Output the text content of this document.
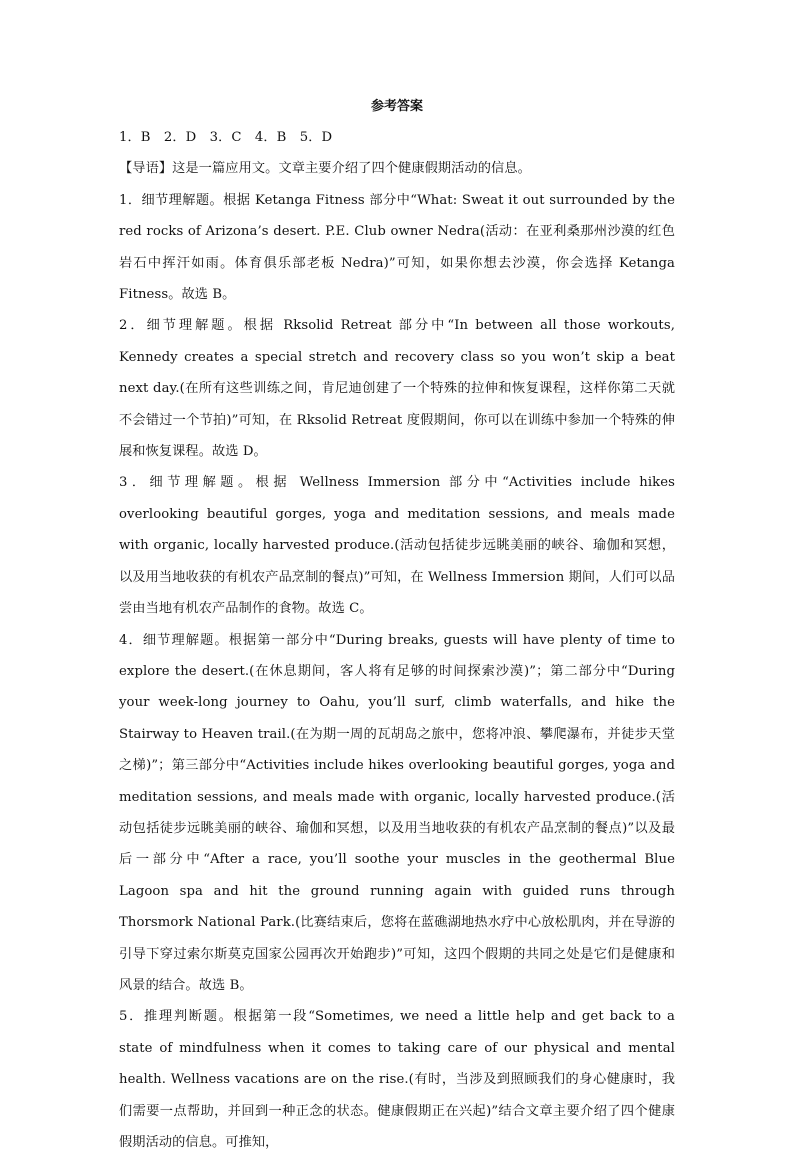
参考答案

1．B　2．D　3．C　4．B　5．D

【导语】这是一篇应用文。文章主要介绍了四个健康假期活动的信息。

1．细节理解题。根据 Ketanga Fitness 部分中“What: Sweat it out surrounded by the red rocks of Arizona’s desert. P.E. Club owner Nedra(活动：在亚利桑那州沙漠的红色岩石中挥汗如雨。体育俱乐部老板 Nedra)”可知，如果你想去沙漠，你会选择 Ketanga Fitness。故选 B。

2．细节理解题。根据 Rksolid Retreat 部分中“In between all those workouts, Kennedy creates a special stretch and recovery class so you won’t skip a beat next day.(在所有这些训练之间，肯尼迪创建了一个特殊的拉伸和恢复课程，这样你第二天就不会错过一个节拍)”可知，在 Rksolid Retreat 度假期间，你可以在训练中参加一个特殊的伸展和恢复课程。故选 D。

3．细节理解题。根据 Wellness Immersion 部分中“Activities include hikes overlooking beautiful gorges, yoga and meditation sessions, and meals made with organic, locally harvested produce.(活动包括徒步远眺美丽的峡谷、瑜伽和冥想，以及用当地收获的有机农产品烹制的餐点)”可知，在 Wellness Immersion 期间，人们可以品尝由当地有机农产品制作的食物。故选 C。

4．细节理解题。根据第一部分中“During breaks, guests will have plenty of time to explore the desert.(在休息期间，客人将有足够的时间探索沙漠)”；第二部分中“During your week-long journey to Oahu, you’ll surf, climb waterfalls, and hike the Stairway to Heaven trail.(在为期一周的瓦胡岛之旅中，您将冲浪、攀爬瀑布，并徒步天堂之梯)”；第三部分中“Activities include hikes overlooking beautiful gorges, yoga and meditation sessions, and meals made with organic, locally harvested produce.(活动包括徒步远眺美丽的峡谷、瑜伽和冥想，以及用当地收获的有机农产品烹制的餐点)”以及最后一部分中“After a race, you’ll soothe your muscles in the geothermal Blue Lagoon spa and hit the ground running again with guided runs through Thorsmork National Park.(比赛结束后，您将在蓝礁湖地热水疗中心放松肌肉，并在导游的引导下穿过索尔斯莫克国家公园再次开始跑步)”可知，这四个假期的共同之处是它们是健康和风景的结合。故选 B。

5．推理判断题。根据第一段“Sometimes, we need a little help and get back to a state of mindfulness when it comes to taking care of our physical and mental health. Wellness vacations are on the rise.(有时，当涉及到照顾我们的身心健康时，我们需要一点帮助，并回到一种正念的状态。健康假期正在兴起)”结合文章主要介绍了四个健康假期活动的信息。可推知，
